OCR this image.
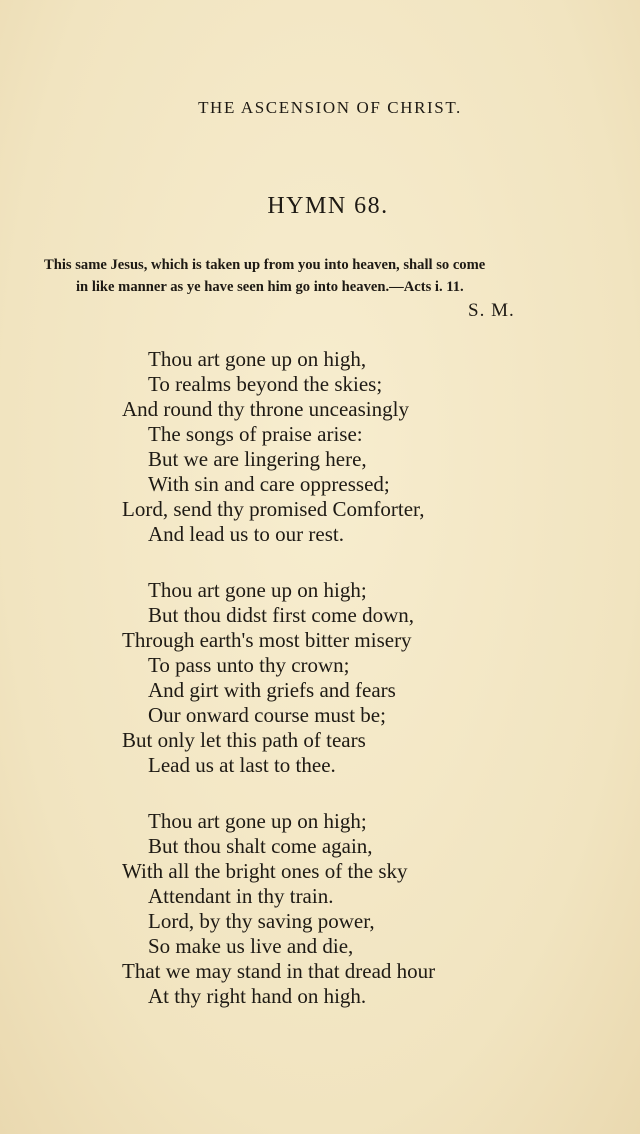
THE ASCENSION OF CHRIST.
HYMN 68.
This same Jesus, which is taken up from you into heaven, shall so come
in like manner as ye have seen him go into heaven.—Acts i. 11.
S. M.
Thou art gone up on high,
To realms beyond the skies;
And round thy throne unceasingly
The songs of praise arise:
But we are lingering here,
With sin and care oppressed;
Lord, send thy promised Comforter,
And lead us to our rest.
Thou art gone up on high;
But thou didst first come down,
Through earth's most bitter misery
To pass unto thy crown;
And girt with griefs and fears
Our onward course must be;
But only let this path of tears
Lead us at last to thee.
Thou art gone up on high;
But thou shalt come again,
With all the bright ones of the sky
Attendant in thy train.
Lord, by thy saving power,
So make us live and die,
That we may stand in that dread hour
At thy right hand on high.
